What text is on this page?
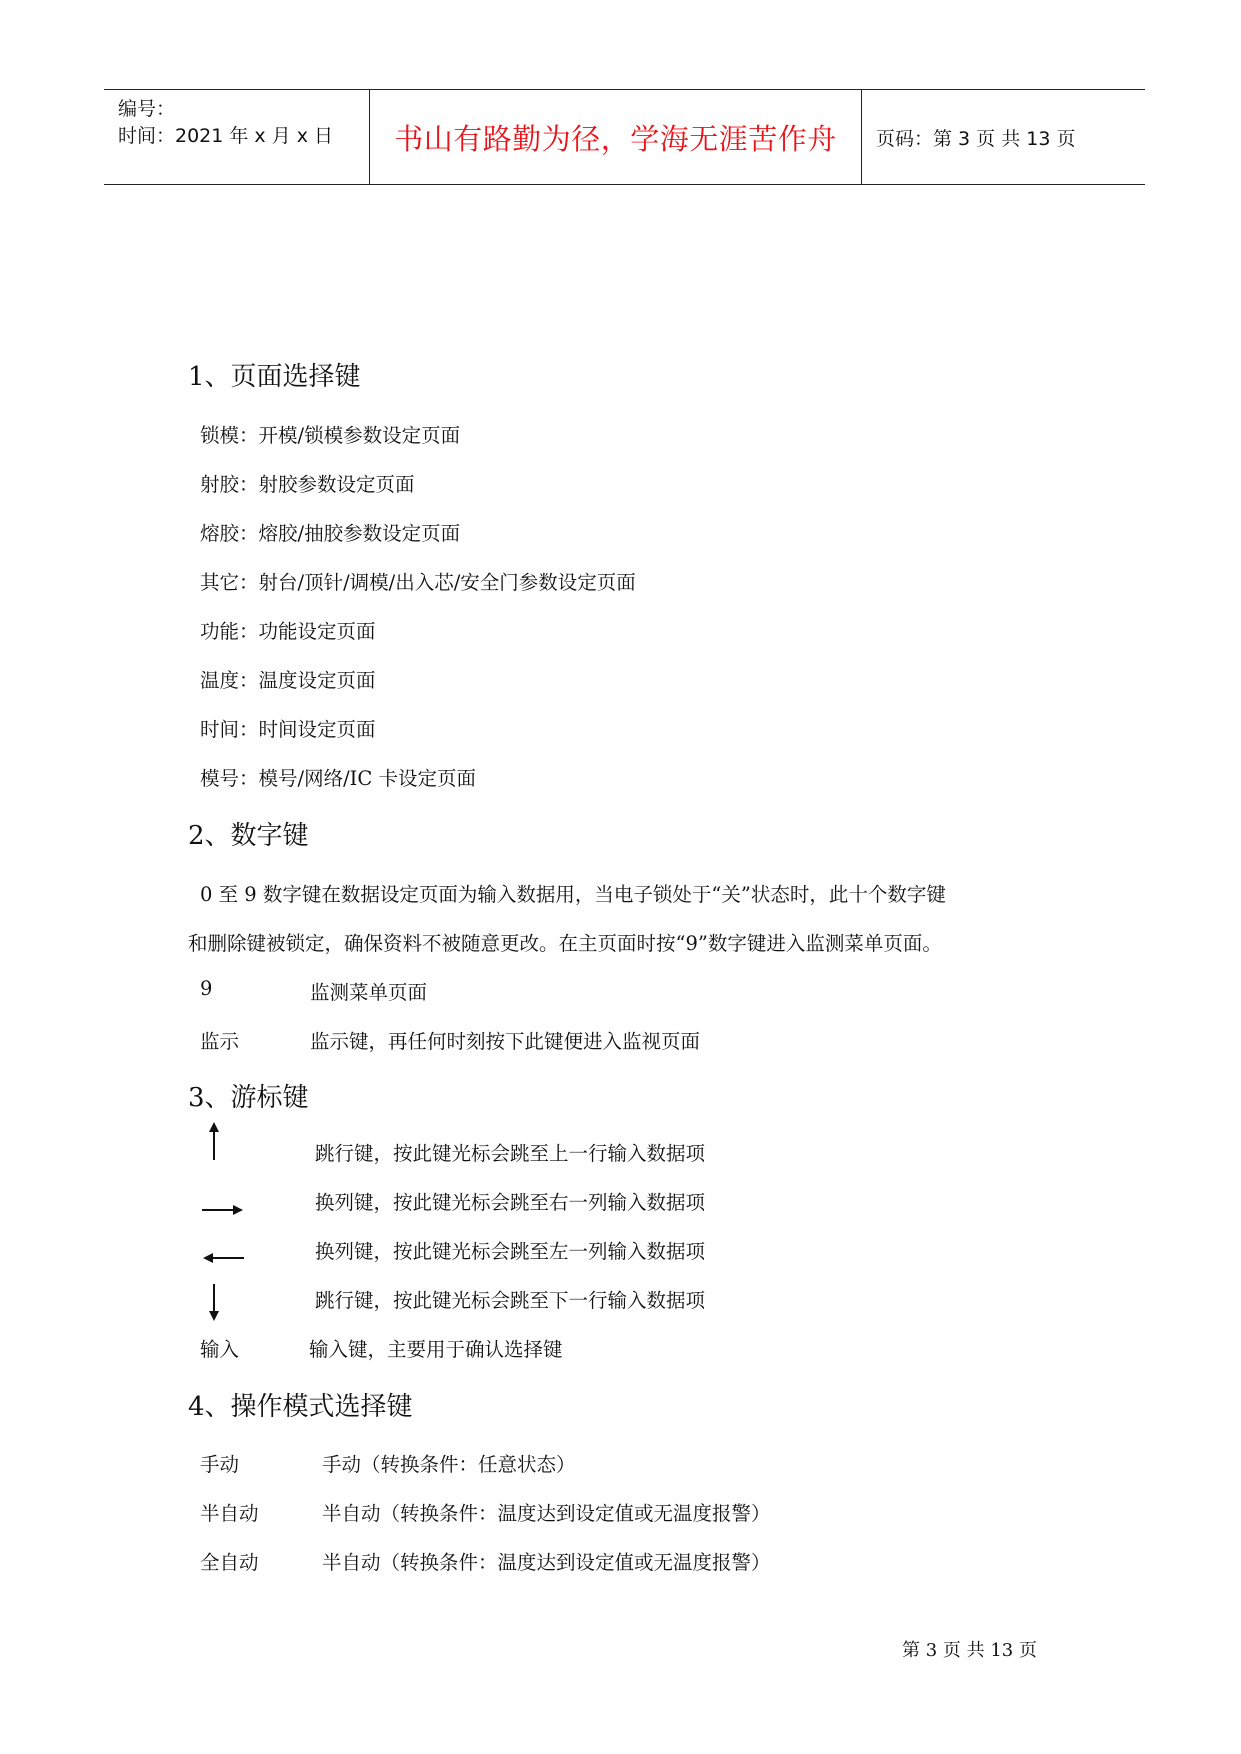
编号：
时间：2021 年 x 月 x 日 书山有路勤为径，学海无涯苦作舟	页码：第 3 页 共 13 页
1、页面选择键
锁模：开模/锁模参数设定页面
射胶：射胶参数设定页面
熔胶：熔胶/抽胶参数设定页面
其它：射台/顶针/调模/出入芯/安全门参数设定页面
功能：功能设定页面
温度：温度设定页面
时间：时间设定页面
模号：模号/网络/IC 卡设定页面
2、数字键
0 至 9 数字键在数据设定页面为输入数据用，当电子锁处于“关”状态时，此十个数字键
和删除键被锁定，确保资料不被随意更改。在主页面时按“9”数字键进入监测菜单页面。
9	监测菜单页面
监示	监示键，再任何时刻按下此键便进入监视页面
3、游标键
跳行键，按此键光标会跳至上一行输入数据项
换列键，按此键光标会跳至右一列输入数据项
换列键，按此键光标会跳至左一列输入数据项
跳行键，按此键光标会跳至下一行输入数据项
输入	输入键，主要用于确认选择键
4、操作模式选择键
手动	手动（转换条件：任意状态）
半自动	半自动（转换条件：温度达到设定值或无温度报警）
全自动	半自动（转换条件：温度达到设定值或无温度报警）
第 3 页 共 13 页
